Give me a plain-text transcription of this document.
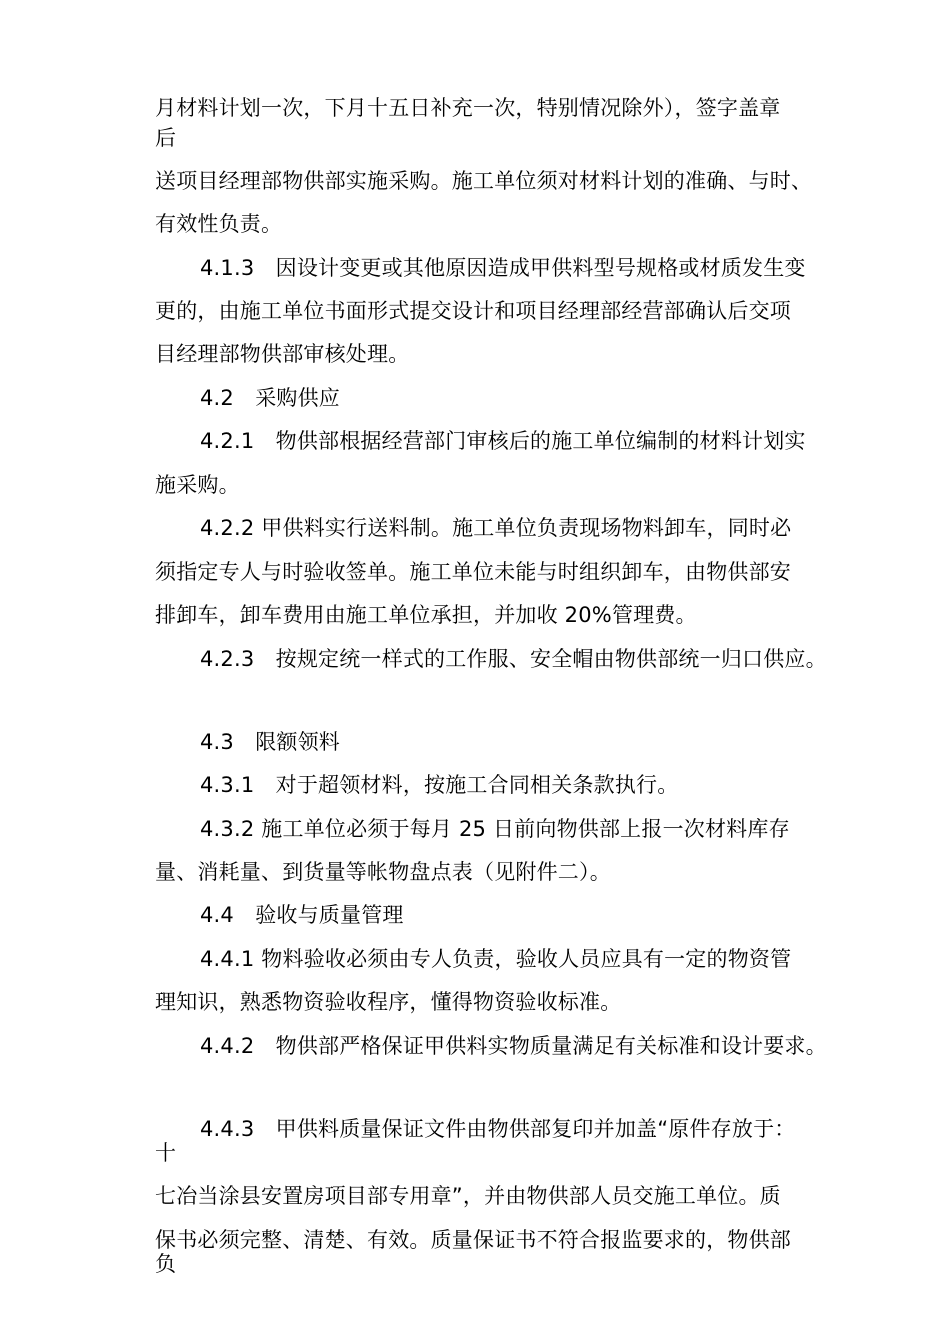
月材料计划一次，下月十五日补充一次，特别情况除外），签字盖章
后
送项目经理部物供部实施采购。施工单位须对材料计划的准确、与时、
有效性负责。
4.1.3　因设计变更或其他原因造成甲供料型号规格或材质发生变
更的，由施工单位书面形式提交设计和项目经理部经营部确认后交项
目经理部物供部审核处理。
4.2　采购供应
4.2.1　物供部根据经营部门审核后的施工单位编制的材料计划实
施采购。
4.2.2 甲供料实行送料制。施工单位负责现场物料卸车，同时必
须指定专人与时验收签单。施工单位未能与时组织卸车，由物供部安
排卸车，卸车费用由施工单位承担，并加收 20%管理费。
4.2.3　按规定统一样式的工作服、安全帽由物供部统一归口供应。
4.3　限额领料
4.3.1　对于超领材料，按施工合同相关条款执行。
4.3.2 施工单位必须于每月 25 日前向物供部上报一次材料库存
量、消耗量、到货量等帐物盘点表（见附件二）。
4.4　验收与质量管理
4.4.1 物料验收必须由专人负责，验收人员应具有一定的物资管
理知识，熟悉物资验收程序，懂得物资验收标准。
4.4.2　物供部严格保证甲供料实物质量满足有关标准和设计要求。
4.4.3　甲供料质量保证文件由物供部复印并加盖“原件存放于：
十
七冶当涂县安置房项目部专用章”，并由物供部人员交施工单位。质
保书必须完整、清楚、有效。质量保证书不符合报监要求的，物供部
负
